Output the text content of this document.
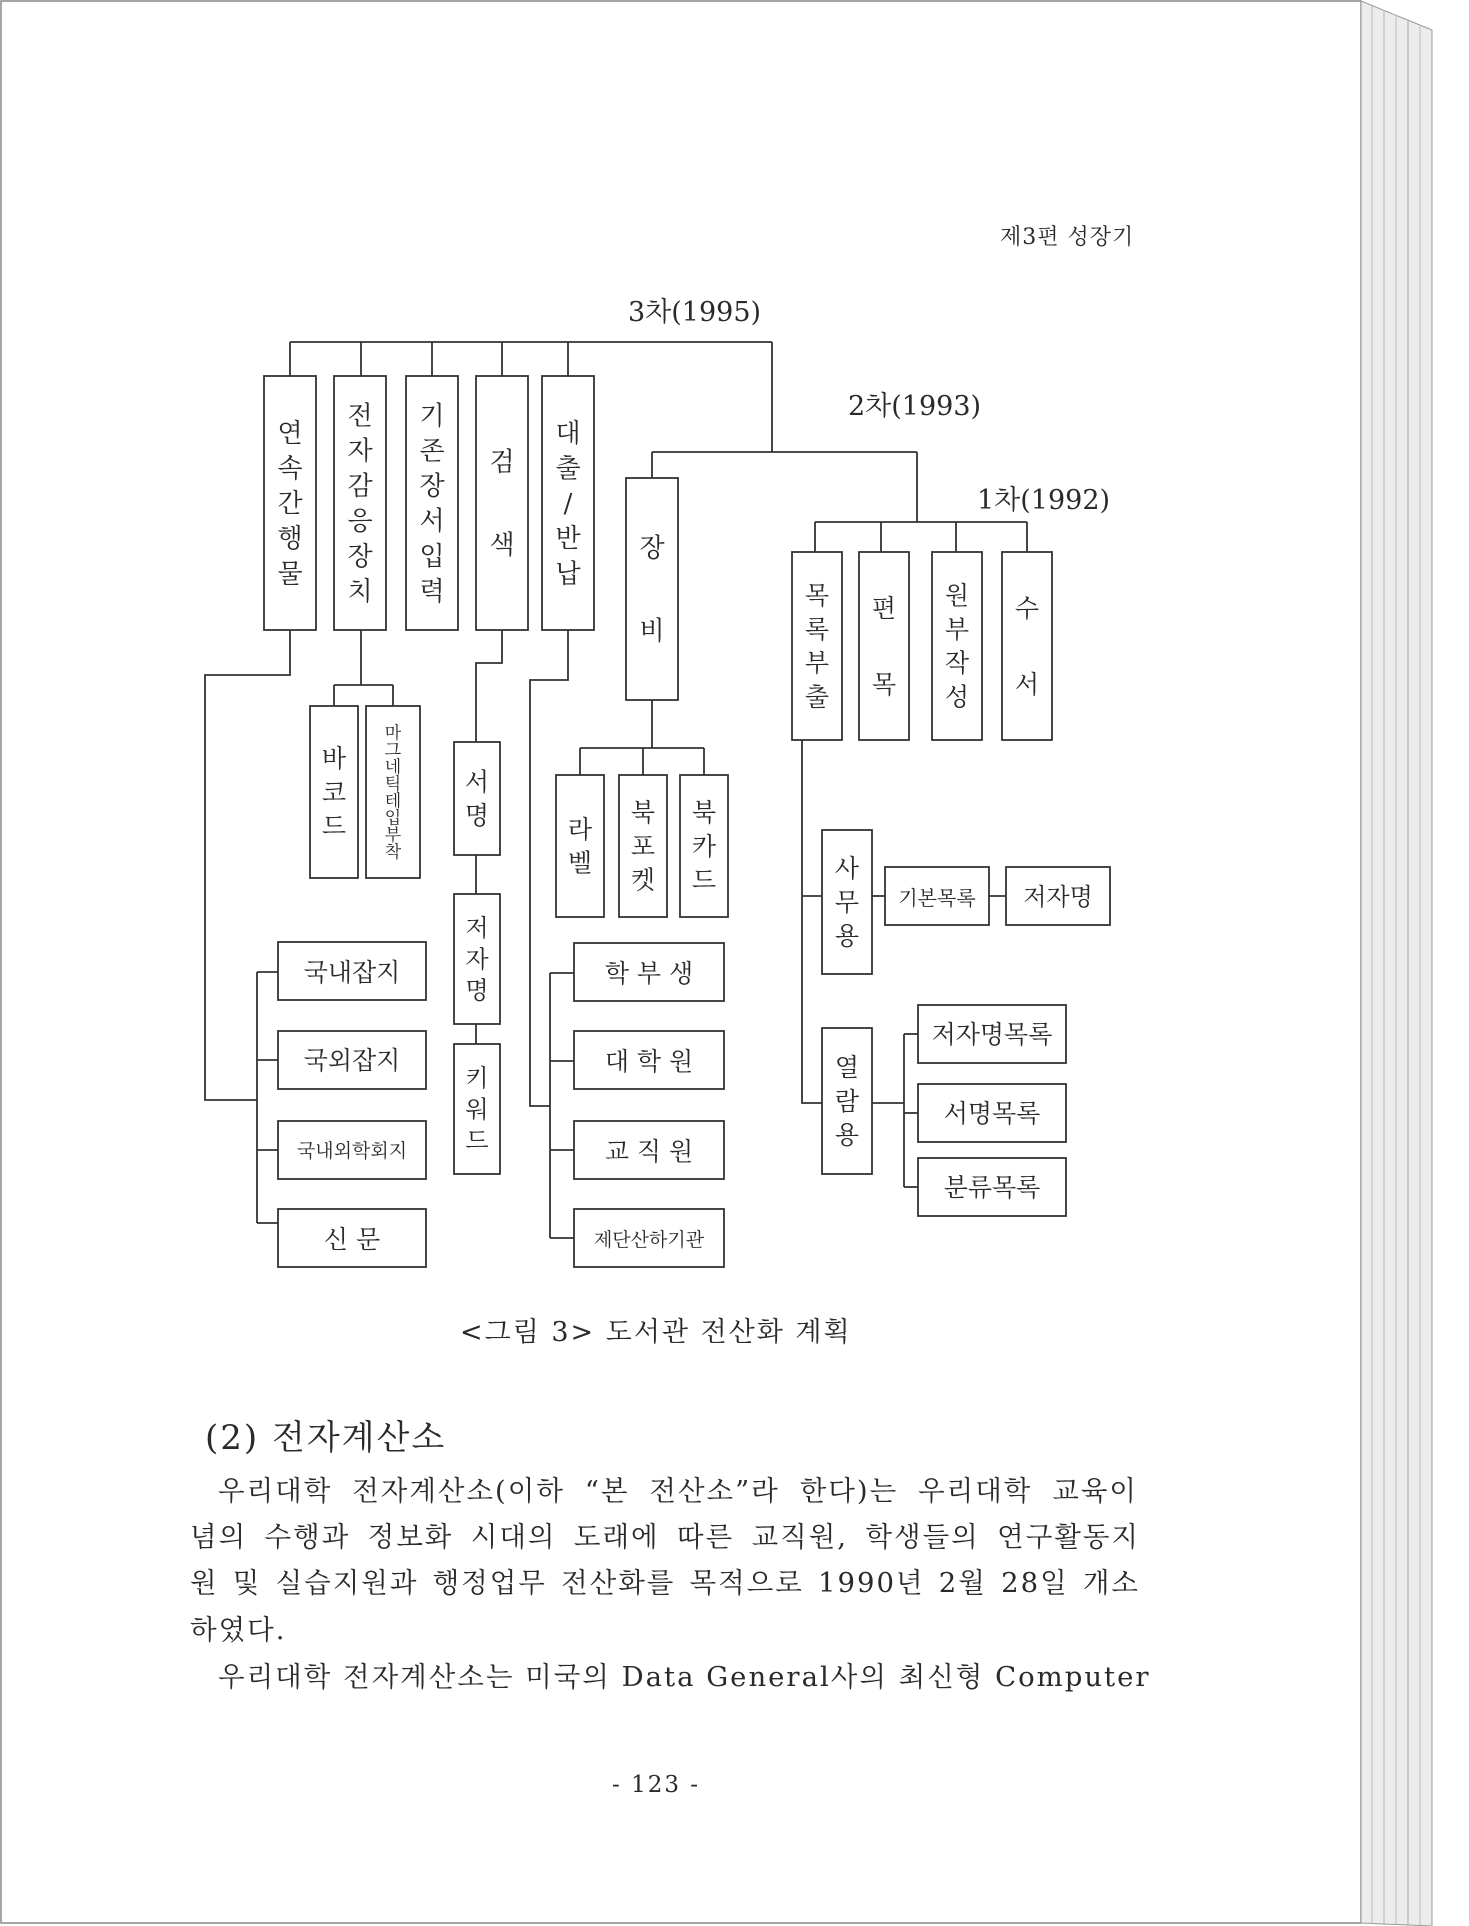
제3편 성장기
3차(1995)
2차(1993)
1차(1992)
기본목록 저자명
저자명목록
서명목록
분류목록
국내잡지
국외잡지
국내외학회지
신 문
학 부 생
대 학 원
교 직 원
제단산하기관
연 속 간 행 물
전 자 감 응 장 치
기 존 장 서 입 력
검 색
대 출 / 반 납
장 비
목 록 부 출
편 목
원 부 작 성
수 서
바 코 드
마 그 네 틱 테 입 부 착
서 명
저 자 명
키 워 드
라 벨
북 포 켓
북 카 드	사 무 용
열 람 용
<그림 3> 도서관 전산화 계획
(2) 전자계산소
우리대학 전자계산소(이하 “본 전산소”라 한다)는 우리대학 교육이
념의 수행과 정보화 시대의 도래에 따른 교직원, 학생들의 연구활동지
원 및 실습지원과 행정업무 전산화를 목적으로 1990년 2월 28일 개소
하였다.
우리대학 전자계산소는 미국의 Data General사의 최신형 Computer
- 123 -
